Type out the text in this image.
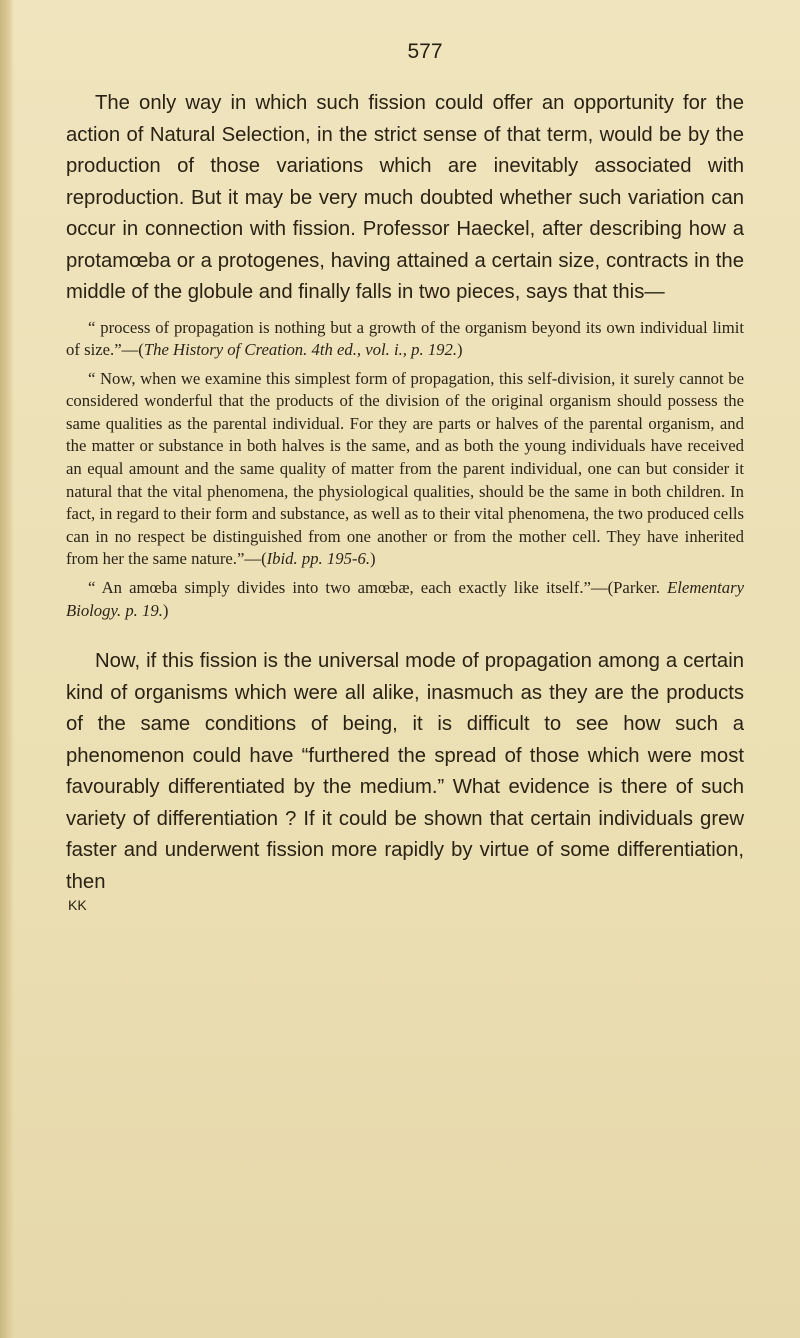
577

The only way in which such fission could offer an opportunity for the action of Natural Selection, in the strict sense of that term, would be by the production of those variations which are inevitably associated with reproduction. But it may be very much doubted whether such variation can occur in connection with fission. Professor Haeckel, after describing how a protamœba or a protogenes, having attained a certain size, contracts in the middle of the globule and finally falls in two pieces, says that this—

“ process of propagation is nothing but a growth of the organism beyond its own individual limit of size.”—(The History of Creation. 4th ed., vol. i., p. 192.)

“ Now, when we examine this simplest form of propagation, this self-division, it surely cannot be considered wonderful that the products of the division of the original organism should possess the same qualities as the parental individual. For they are parts or halves of the parental organism, and the matter or substance in both halves is the same, and as both the young individuals have received an equal amount and the same quality of matter from the parent individual, one can but consider it natural that the vital phenomena, the physiological qualities, should be the same in both children. In fact, in regard to their form and substance, as well as to their vital phenomena, the two produced cells can in no respect be distinguished from one another or from the mother cell. They have inherited from her the same nature.”—(Ibid. pp. 195-6.)

“ An amœba simply divides into two amœbæ, each exactly like itself.”—(Parker. Elementary Biology. p. 19.)

Now, if this fission is the universal mode of propagation among a certain kind of organisms which were all alike, inasmuch as they are the products of the same conditions of being, it is difficult to see how such a phenomenon could have “furthered the spread of those which were most favourably differentiated by the medium.” What evidence is there of such variety of differentiation ? If it could be shown that certain individuals grew faster and underwent fission more rapidly by virtue of some differentiation, then

KK
